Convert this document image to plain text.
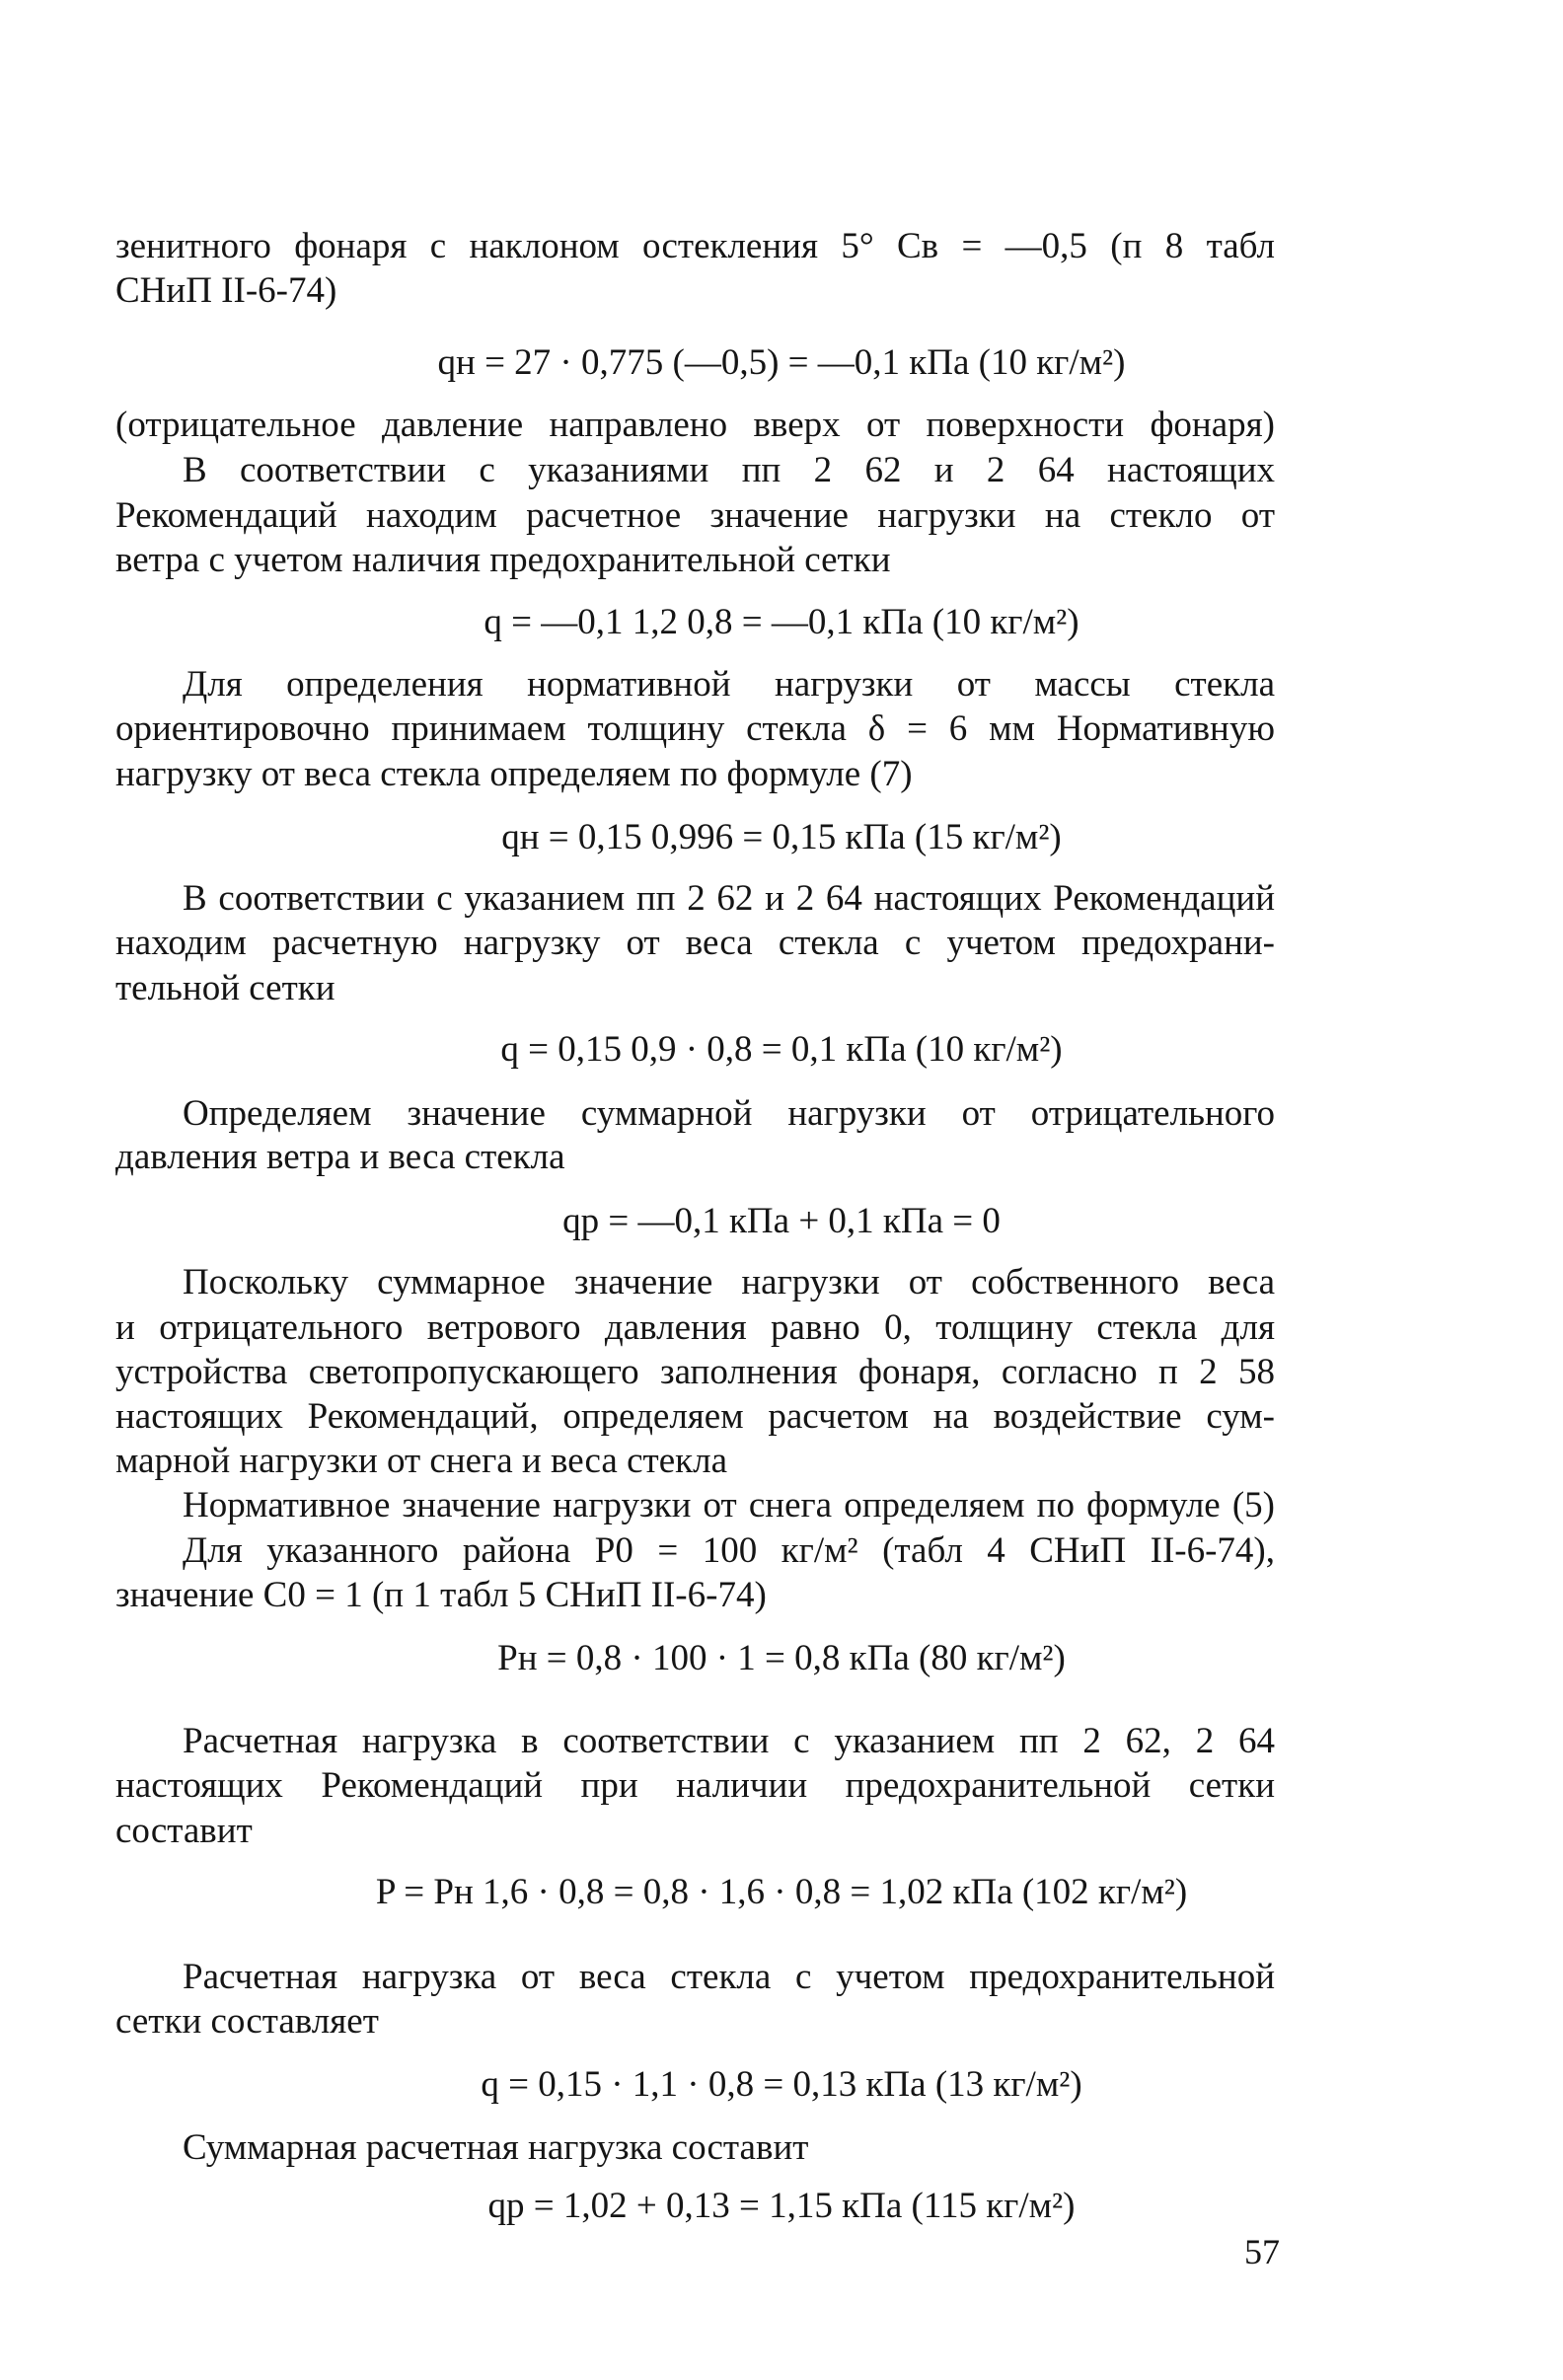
зенитного фонаря с наклоном остекления 5° Cв = —0,5 (п 8 табл
СНиП II-6-74)
qн = 27 · 0,775 (—0,5) = —0,1 кПа (10 кг/м²)
(отрицательное давление направлено вверх от поверхности фонаря)
В соответствии с указаниями пп 2 62 и 2 64 настоящих
Рекомендаций находим расчетное значение нагрузки на стекло от
ветра с учетом наличия предохранительной сетки
q = —0,1 1,2 0,8 = —0,1 кПа (10 кг/м²)
Для определения нормативной нагрузки от массы стекла
ориентировочно принимаем толщину стекла δ = 6 мм Нормативную
нагрузку от веса стекла определяем по формуле (7)
qн = 0,15 0,996 = 0,15 кПа (15 кг/м²)
В соответствии с указанием пп 2 62 и 2 64 настоящих Рекомендаций
находим расчетную нагрузку от веса стекла с учетом предохрани-
тельной сетки
q = 0,15 0,9 · 0,8 = 0,1 кПа (10 кг/м²)
Определяем значение суммарной нагрузки от отрицательного
давления ветра и веса стекла
qр = —0,1 кПа + 0,1 кПа = 0
Поскольку суммарное значение нагрузки от собственного веса
и отрицательного ветрового давления равно 0, толщину стекла для
устройства светопропускающего заполнения фонаря, согласно п 2 58
настоящих Рекомендаций, определяем расчетом на воздействие сум-
марной нагрузки от снега и веса стекла
Нормативное значение нагрузки от снега определяем по формуле (5)
Для указанного района P0 = 100 кг/м² (табл 4 СНиП II-6-74),
значение C0 = 1 (п 1 табл 5 СНиП II-6-74)
Pн = 0,8 · 100 · 1 = 0,8 кПа (80 кг/м²)
Расчетная нагрузка в соответствии с указанием пп 2 62, 2 64
настоящих Рекомендаций при наличии предохранительной сетки
составит
P = Pн 1,6 · 0,8 = 0,8 · 1,6 · 0,8 = 1,02 кПа (102 кг/м²)
Расчетная нагрузка от веса стекла с учетом предохранительной
сетки составляет
q = 0,15 · 1,1 · 0,8 = 0,13 кПа (13 кг/м²)
Суммарная расчетная нагрузка составит
qр = 1,02 + 0,13 = 1,15 кПа (115 кг/м²)
57
